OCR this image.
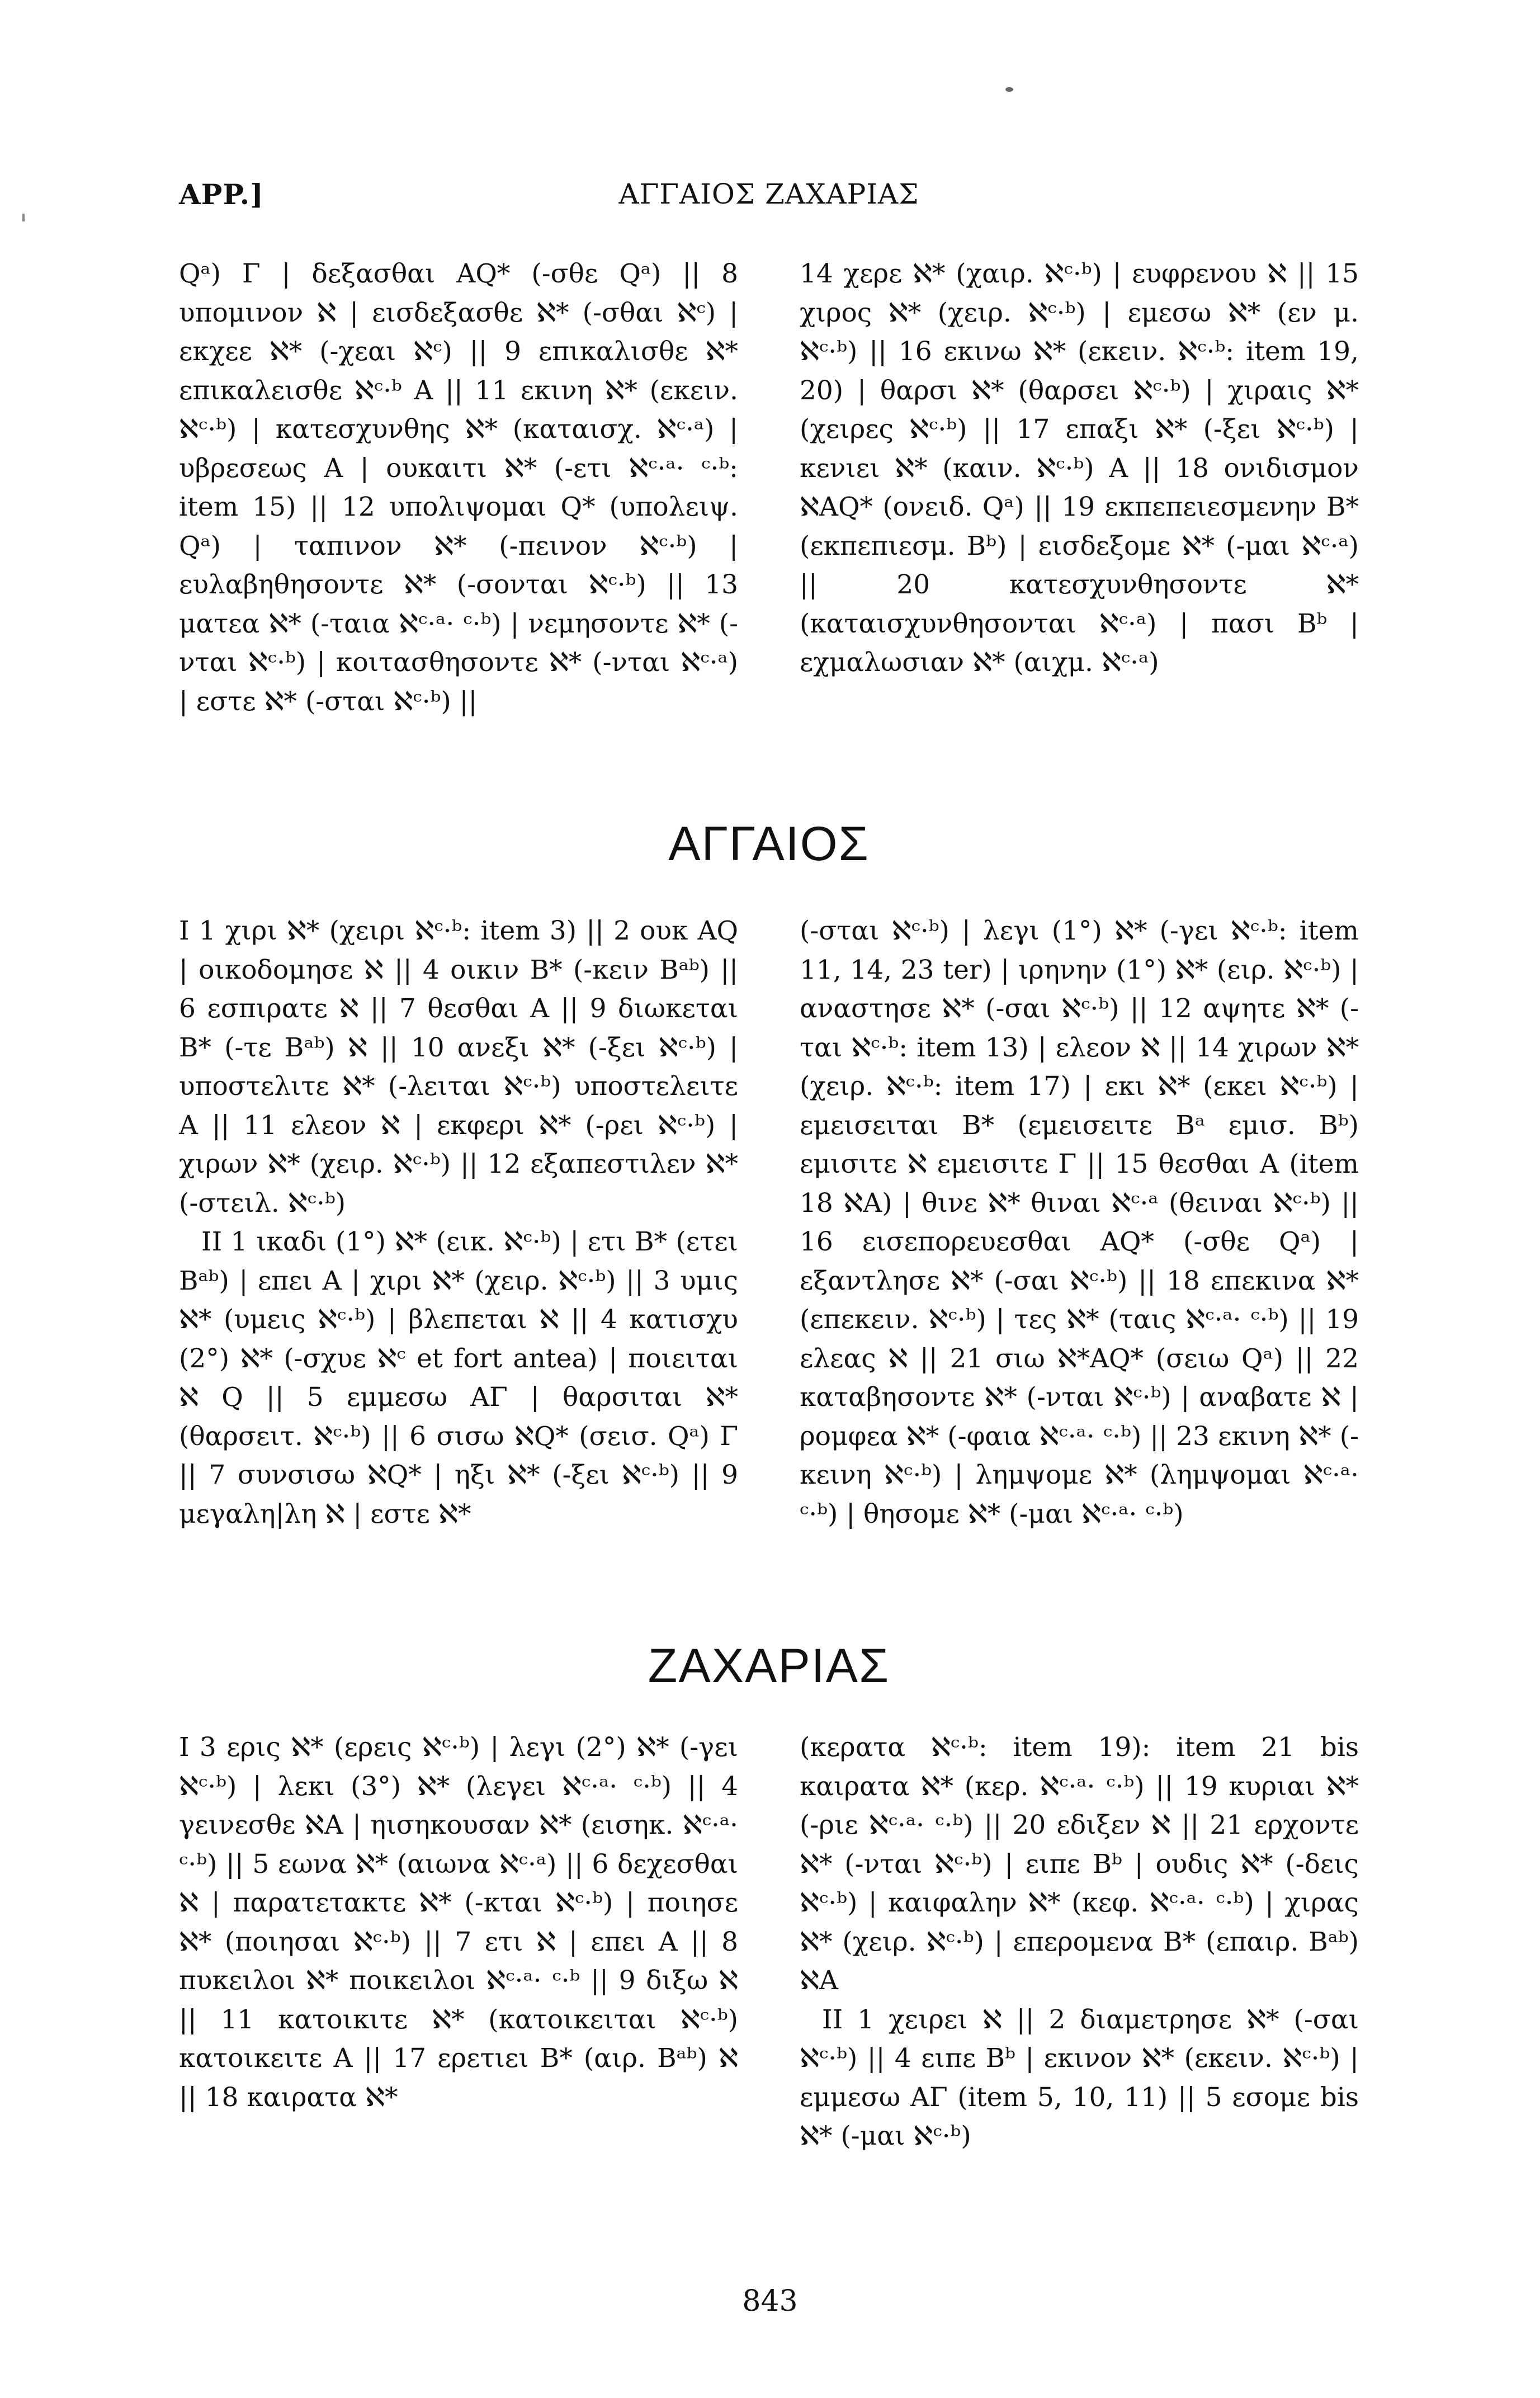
APP.]	ΑΓΓΑΙΟΣ ΖΑΧΑΡΙΑΣ

Qᵃ) Γ | δεξασθαι AQ* (-σθε Qᵃ) || 8 υπομινον ℵ | εισδεξασθε ℵ* (-σθαι ℵᶜ) | εκχεε ℵ* (-χεαι ℵᶜ) || 9 επικαλισθε ℵ* επικαλεισθε ℵᶜ·ᵇ A || 11 εκινη ℵ* (εκειν. ℵᶜ·ᵇ) | κατεσχυνθης ℵ* (καταισχ. ℵᶜ·ᵃ) | υβρεσεως A | ουκαιτι ℵ* (-ετι ℵᶜ·ᵃ· ᶜ·ᵇ: item 15) || 12 υπολιψομαι Q* (υπολειψ. Qᵃ) | ταπινον ℵ* (-πεινον ℵᶜ·ᵇ) | ευλαβηθησοντε ℵ* (-σονται ℵᶜ·ᵇ) || 13 ματεα ℵ* (-ταια ℵᶜ·ᵃ· ᶜ·ᵇ) | νεμησοντε ℵ* (-νται ℵᶜ·ᵇ) | κοιτασθησοντε ℵ* (-νται ℵᶜ·ᵃ) | εστε ℵ* (-σται ℵᶜ·ᵇ) ||

14 χερε ℵ* (χαιρ. ℵᶜ·ᵇ) | ευφρενου ℵ || 15 χιρος ℵ* (χειρ. ℵᶜ·ᵇ) | εμεσω ℵ* (εν μ. ℵᶜ·ᵇ) || 16 εκινω ℵ* (εκειν. ℵᶜ·ᵇ: item 19, 20) | θαρσι ℵ* (θαρσει ℵᶜ·ᵇ) | χιραις ℵ* (χειρες ℵᶜ·ᵇ) || 17 επαξι ℵ* (-ξει ℵᶜ·ᵇ) | κενιει ℵ* (καιν. ℵᶜ·ᵇ) A || 18 ονιδισμον ℵAQ* (ονειδ. Qᵃ) || 19 εκπεπειεσμενην B* (εκπεπιεσμ. Bᵇ) | εισδεξομε ℵ* (-μαι ℵᶜ·ᵃ) || 20 κατεσχυνθησοντε ℵ* (καταισχυνθησονται ℵᶜ·ᵃ) | πασι Bᵇ | εχμαλωσιαν ℵ* (αιχμ. ℵᶜ·ᵃ)

ΑΓΓΑΙΟΣ

I 1 χιρι ℵ* (χειρι ℵᶜ·ᵇ: item 3) || 2 ουκ AQ | οικοδομησε ℵ || 4 οικιν B* (-κειν Bᵃᵇ) || 6 εσπιρατε ℵ || 7 θεσθαι A || 9 διωκεται B* (-τε Bᵃᵇ) ℵ || 10 ανεξι ℵ* (-ξει ℵᶜ·ᵇ) | υποστελιτε ℵ* (-λειται ℵᶜ·ᵇ) υποστελειτε A || 11 ελεον ℵ | εκφερι ℵ* (-ρει ℵᶜ·ᵇ) | χιρων ℵ* (χειρ. ℵᶜ·ᵇ) || 12 εξαπεστιλεν ℵ* (-στειλ. ℵᶜ·ᵇ)

II 1 ικαδι (1°) ℵ* (εικ. ℵᶜ·ᵇ) | ετι B* (ετει Bᵃᵇ) | επει A | χιρι ℵ* (χειρ. ℵᶜ·ᵇ) || 3 υμις ℵ* (υμεις ℵᶜ·ᵇ) | βλεπεται ℵ || 4 κατισχυ (2°) ℵ* (-σχυε ℵᶜ et fort antea) | ποιειται ℵ Q || 5 εμμεσω ΑΓ | θαρσιται ℵ* (θαρσειτ. ℵᶜ·ᵇ) || 6 σισω ℵQ* (σεισ. Qᵃ) Γ || 7 συνσισω ℵQ* | ηξι ℵ* (-ξει ℵᶜ·ᵇ) || 9 μεγαλη|λη ℵ | εστε ℵ*

(-σται ℵᶜ·ᵇ) | λεγι (1°) ℵ* (-γει ℵᶜ·ᵇ: item 11, 14, 23 ter) | ιρηνην (1°) ℵ* (ειρ. ℵᶜ·ᵇ) | αναστησε ℵ* (-σαι ℵᶜ·ᵇ) || 12 αψητε ℵ* (-ται ℵᶜ·ᵇ: item 13) | ελεον ℵ || 14 χιρων ℵ* (χειρ. ℵᶜ·ᵇ: item 17) | εκι ℵ* (εκει ℵᶜ·ᵇ) | εμεισειται B* (εμεισειτε Bᵃ εμισ. Bᵇ) εμισιτε ℵ εμεισιτε Γ || 15 θεσθαι A (item 18 ℵA) | θινε ℵ* θιναι ℵᶜ·ᵃ (θειναι ℵᶜ·ᵇ) || 16 εισεπορευεσθαι AQ* (-σθε Qᵃ) | εξαντλησε ℵ* (-σαι ℵᶜ·ᵇ) || 18 επεκινα ℵ* (επεκειν. ℵᶜ·ᵇ) | τες ℵ* (ταις ℵᶜ·ᵃ· ᶜ·ᵇ) || 19 ελεας ℵ || 21 σιω ℵ*AQ* (σειω Qᵃ) || 22 καταβησοντε ℵ* (-νται ℵᶜ·ᵇ) | αναβατε ℵ | ρομφεα ℵ* (-φαια ℵᶜ·ᵃ· ᶜ·ᵇ) || 23 εκινη ℵ* (-κεινη ℵᶜ·ᵇ) | λημψομε ℵ* (λημψομαι ℵᶜ·ᵃ· ᶜ·ᵇ) | θησομε ℵ* (-μαι ℵᶜ·ᵃ· ᶜ·ᵇ)

ΖΑΧΑΡΙΑΣ

I 3 ερις ℵ* (ερεις ℵᶜ·ᵇ) | λεγι (2°) ℵ* (-γει ℵᶜ·ᵇ) | λεκι (3°) ℵ* (λεγει ℵᶜ·ᵃ· ᶜ·ᵇ) || 4 γεινεσθε ℵA | ηισηκουσαν ℵ* (εισηκ. ℵᶜ·ᵃ· ᶜ·ᵇ) || 5 εωνα ℵ* (αιωνα ℵᶜ·ᵃ) || 6 δεχεσθαι ℵ | παρατετακτε ℵ* (-κται ℵᶜ·ᵇ) | ποιησε ℵ* (ποιησαι ℵᶜ·ᵇ) || 7 ετι ℵ | επει A || 8 πυκειλοι ℵ* ποικειλοι ℵᶜ·ᵃ· ᶜ·ᵇ || 9 διξω ℵ || 11 κατοικιτε ℵ* (κατοικειται ℵᶜ·ᵇ) κατοικειτε A || 17 ερετιει B* (αιρ. Bᵃᵇ) ℵ || 18 καιρατα ℵ*

(κερατα ℵᶜ·ᵇ: item 19): item 21 bis καιρατα ℵ* (κερ. ℵᶜ·ᵃ· ᶜ·ᵇ) || 19 κυριαι ℵ* (-ριε ℵᶜ·ᵃ· ᶜ·ᵇ) || 20 εδιξεν ℵ || 21 ερχοντε ℵ* (-νται ℵᶜ·ᵇ) | ειπε Bᵇ | ουδις ℵ* (-δεις ℵᶜ·ᵇ) | καιφαλην ℵ* (κεφ. ℵᶜ·ᵃ· ᶜ·ᵇ) | χιρας ℵ* (χειρ. ℵᶜ·ᵇ) | επερομενα B* (επαιρ. Bᵃᵇ) ℵA

II 1 χειρει ℵ || 2 διαμετρησε ℵ* (-σαι ℵᶜ·ᵇ) || 4 ειπε Bᵇ | εκινον ℵ* (εκειν. ℵᶜ·ᵇ) | εμμεσω ΑΓ (item 5, 10, 11) || 5 εσομε bis ℵ* (-μαι ℵᶜ·ᵇ)

843
